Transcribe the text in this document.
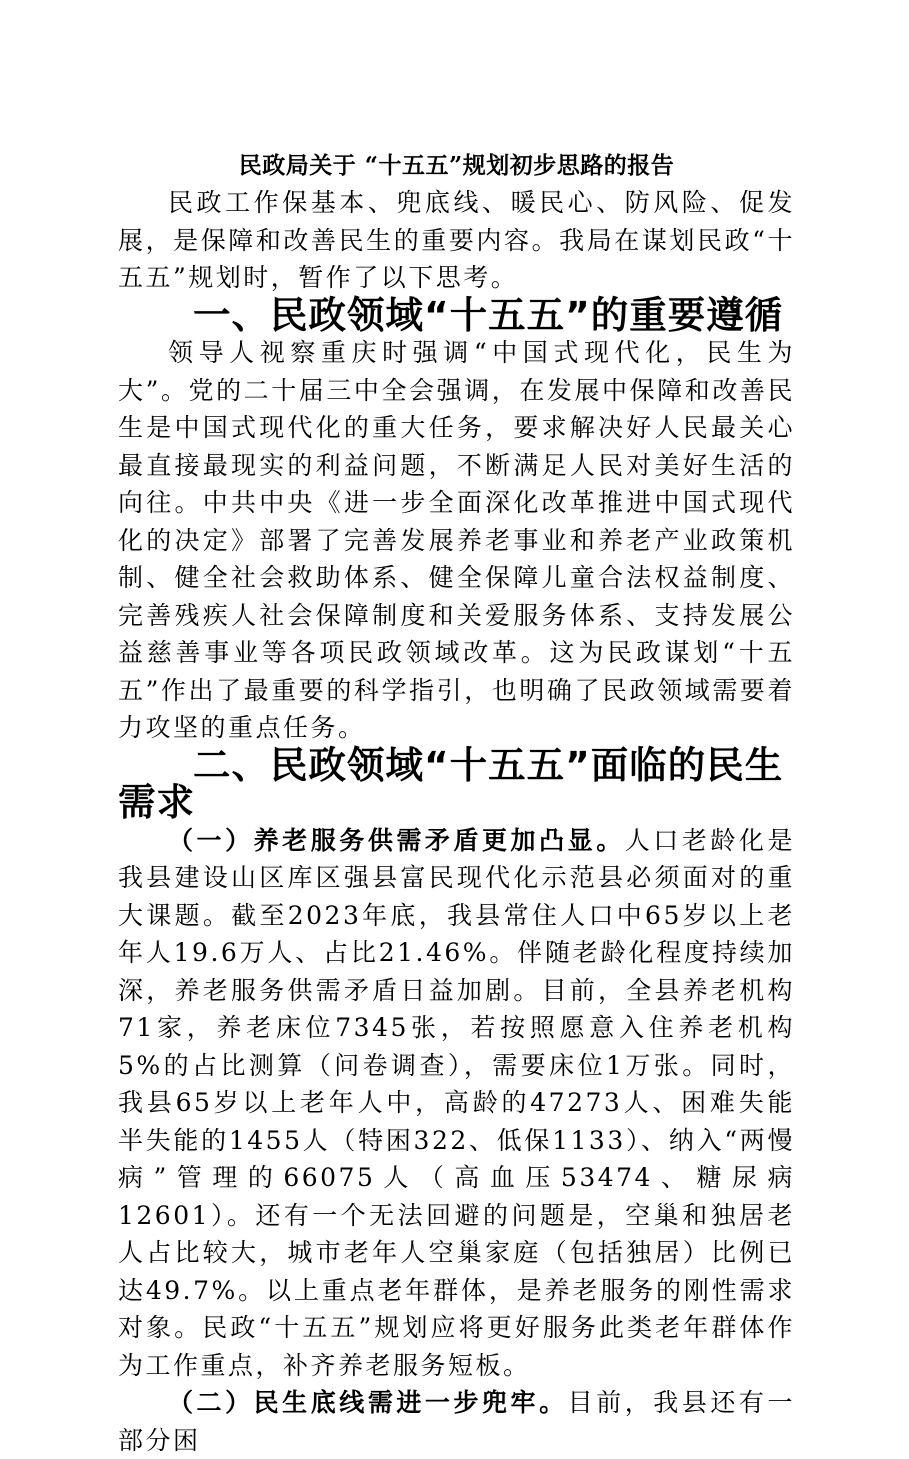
民政局关于 “十五五”规划初步思路的报告

民政工作保基本、兜底线、暖民心、防风险、促发展，是保障和改善民生的重要内容。我局在谋划民政“十五五”规划时，暂作了以下思考。

一、民政领域“十五五”的重要遵循

领导人视察重庆时强调“中国式现代化，民生为大”。党的二十届三中全会强调，在发展中保障和改善民生是中国式现代化的重大任务，要求解决好人民最关心最直接最现实的利益问题，不断满足人民对美好生活的向往。中共中央《进一步全面深化改革推进中国式现代化的决定》部署了完善发展养老事业和养老产业政策机制、健全社会救助体系、健全保障儿童合法权益制度、完善残疾人社会保障制度和关爱服务体系、支持发展公益慈善事业等各项民政领域改革。这为民政谋划“十五五”作出了最重要的科学指引，也明确了民政领域需要着力攻坚的重点任务。

二、民政领域“十五五”面临的民生需求

（一）养老服务供需矛盾更加凸显。人口老龄化是我县建设山区库区强县富民现代化示范县必须面对的重大课题。截至2023年底，我县常住人口中65岁以上老年人19.6万人、占比21.46%。伴随老龄化程度持续加深，养老服务供需矛盾日益加剧。目前，全县养老机构71家，养老床位7345张，若按照愿意入住养老机构5%的占比测算（问卷调查），需要床位1万张。同时，我县65岁以上老年人中，高龄的47273人、困难失能半失能的1455人（特困322、低保1133）、纳入“两慢病”管理的66075人（高血压53474、糖尿病12601）。还有一个无法回避的问题是，空巢和独居老人占比较大，城市老年人空巢家庭（包括独居）比例已达49.7%。以上重点老年群体，是养老服务的刚性需求对象。民政“十五五”规划应将更好服务此类老年群体作为工作重点，补齐养老服务短板。

（二）民生底线需进一步兜牢。目前，我县还有一部分困
